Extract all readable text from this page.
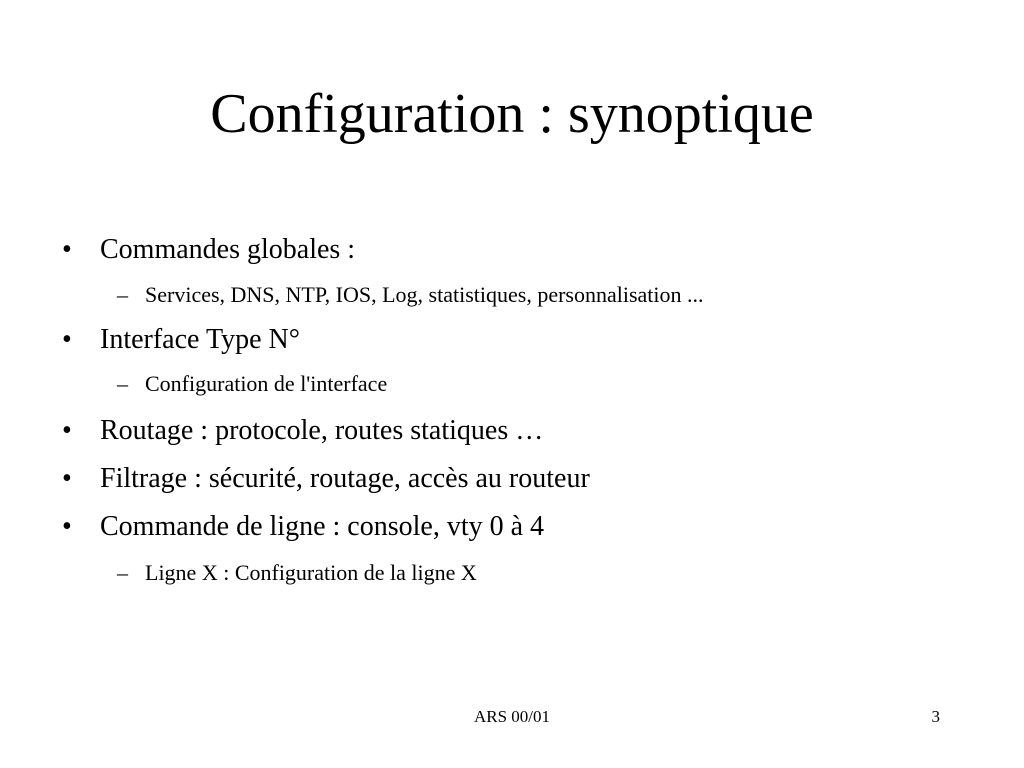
Configuration : synoptique
•	Commandes globales :
– Services, DNS, NTP, IOS, Log, statistiques, personnalisation ...
•	Interface Type N°
– Configuration de l'interface
•	Routage : protocole, routes statiques …
•	Filtrage : sécurité, routage, accès au routeur
•	Commande de ligne : console, vty 0 à 4
– Ligne X : Configuration de la ligne X
ARS 00/01	3
